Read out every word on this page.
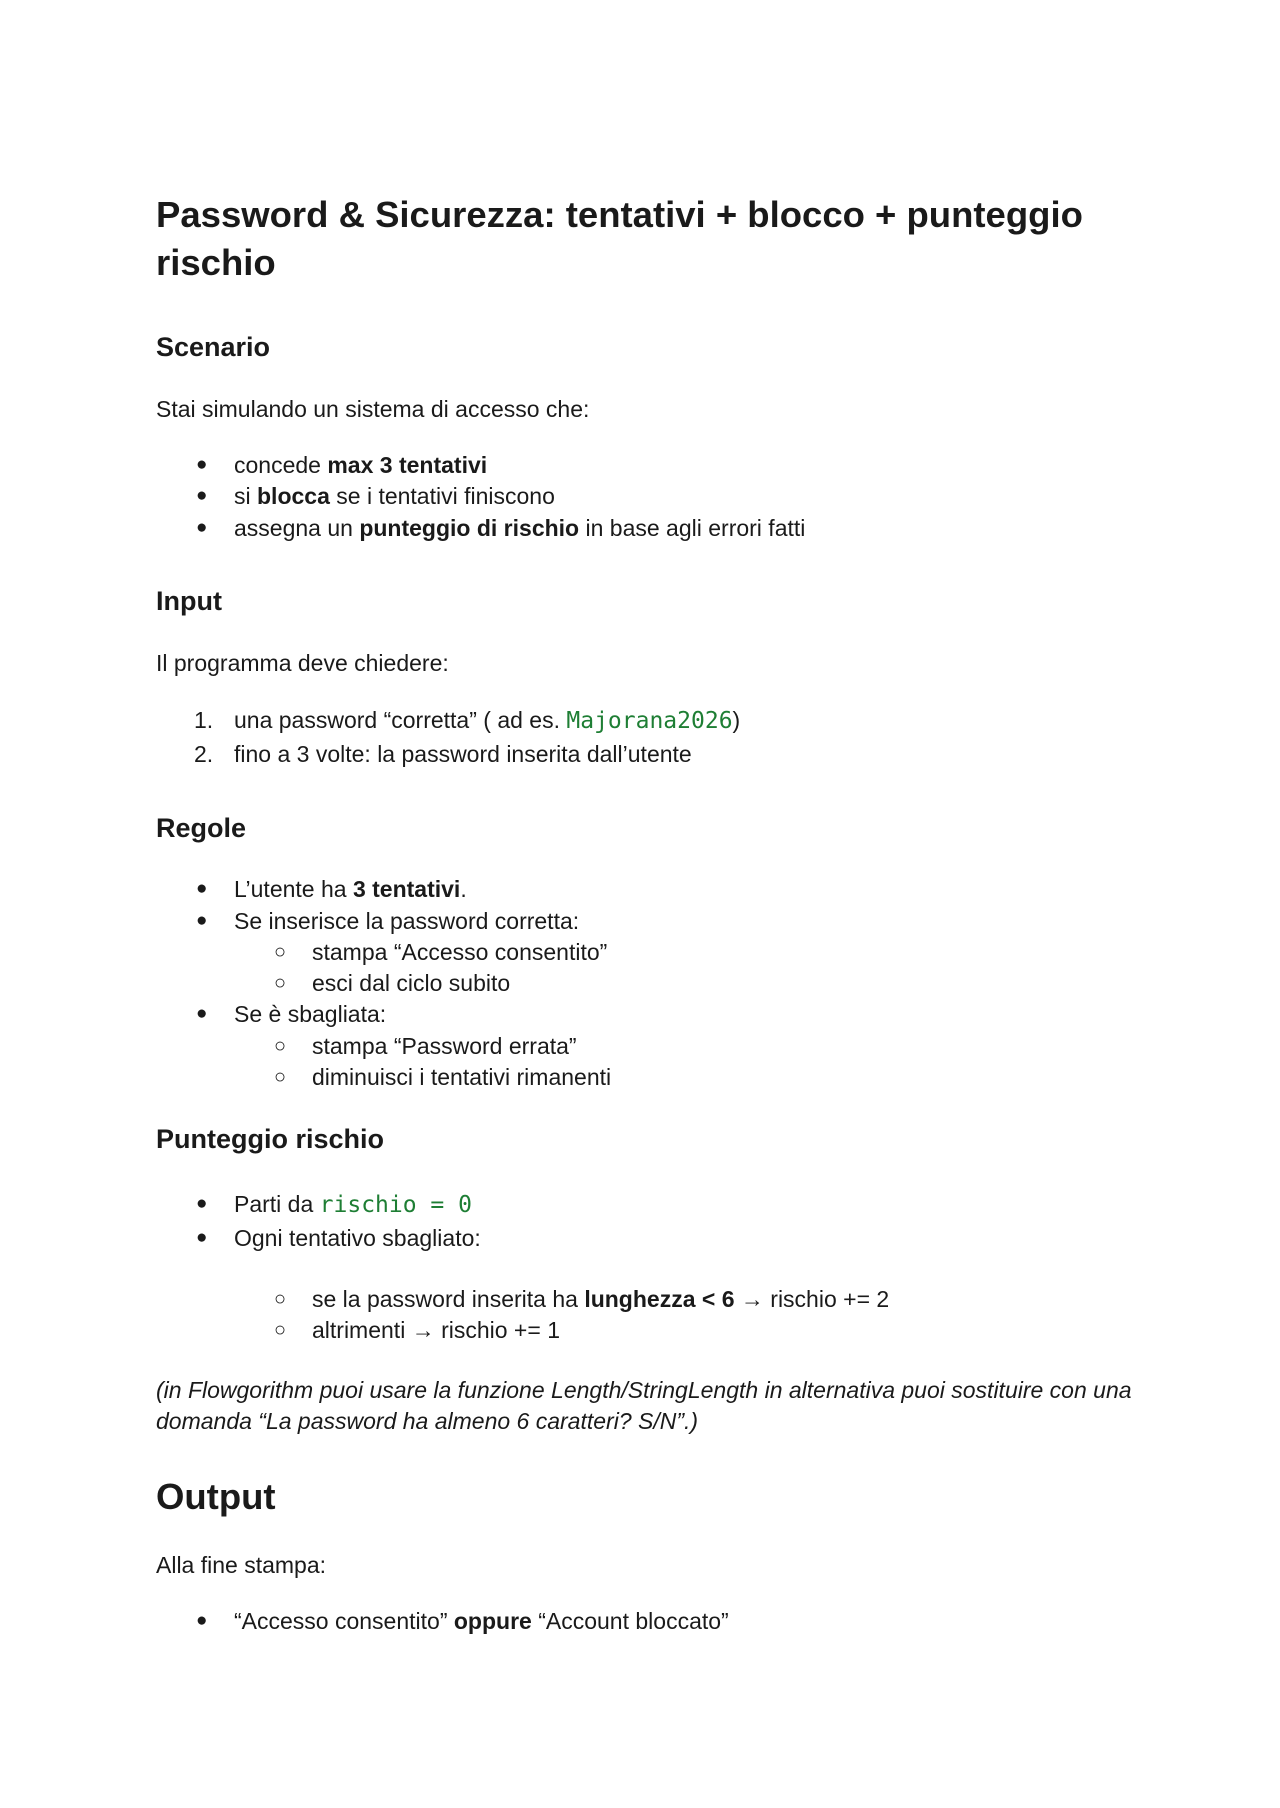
Password & Sicurezza: tentativi + blocco + punteggio rischio
Scenario

Stai simulando un sistema di accesso che:

● concede max 3 tentativi
● si blocca se i tentativi finiscono
● assegna un punteggio di rischio in base agli errori fatti
Input

Il programma deve chiedere:

1. una password “corretta” ( ad es. Majorana2026)
2. fino a 3 volte: la password inserita dall’utente
Regole
● L’utente ha 3 tentativi.
● Se inserisce la password corretta:
○ stampa “Accesso consentito”
○ esci dal ciclo subito
● Se è sbagliata:
○ stampa “Password errata”
○ diminuisci i tentativi rimanenti
Punteggio rischio
● Parti da rischio = 0
● Ogni tentativo sbagliato:
○ se la password inserita ha lunghezza < 6 → rischio += 2
○ altrimenti → rischio += 1

(in Flowgorithm puoi usare la funzione Length/StringLength in alternativa puoi sostituire con una domanda “La password ha almeno 6 caratteri? S/N”.)

Output

Alla fine stampa:

● “Accesso consentito” oppure “Account bloccato”
